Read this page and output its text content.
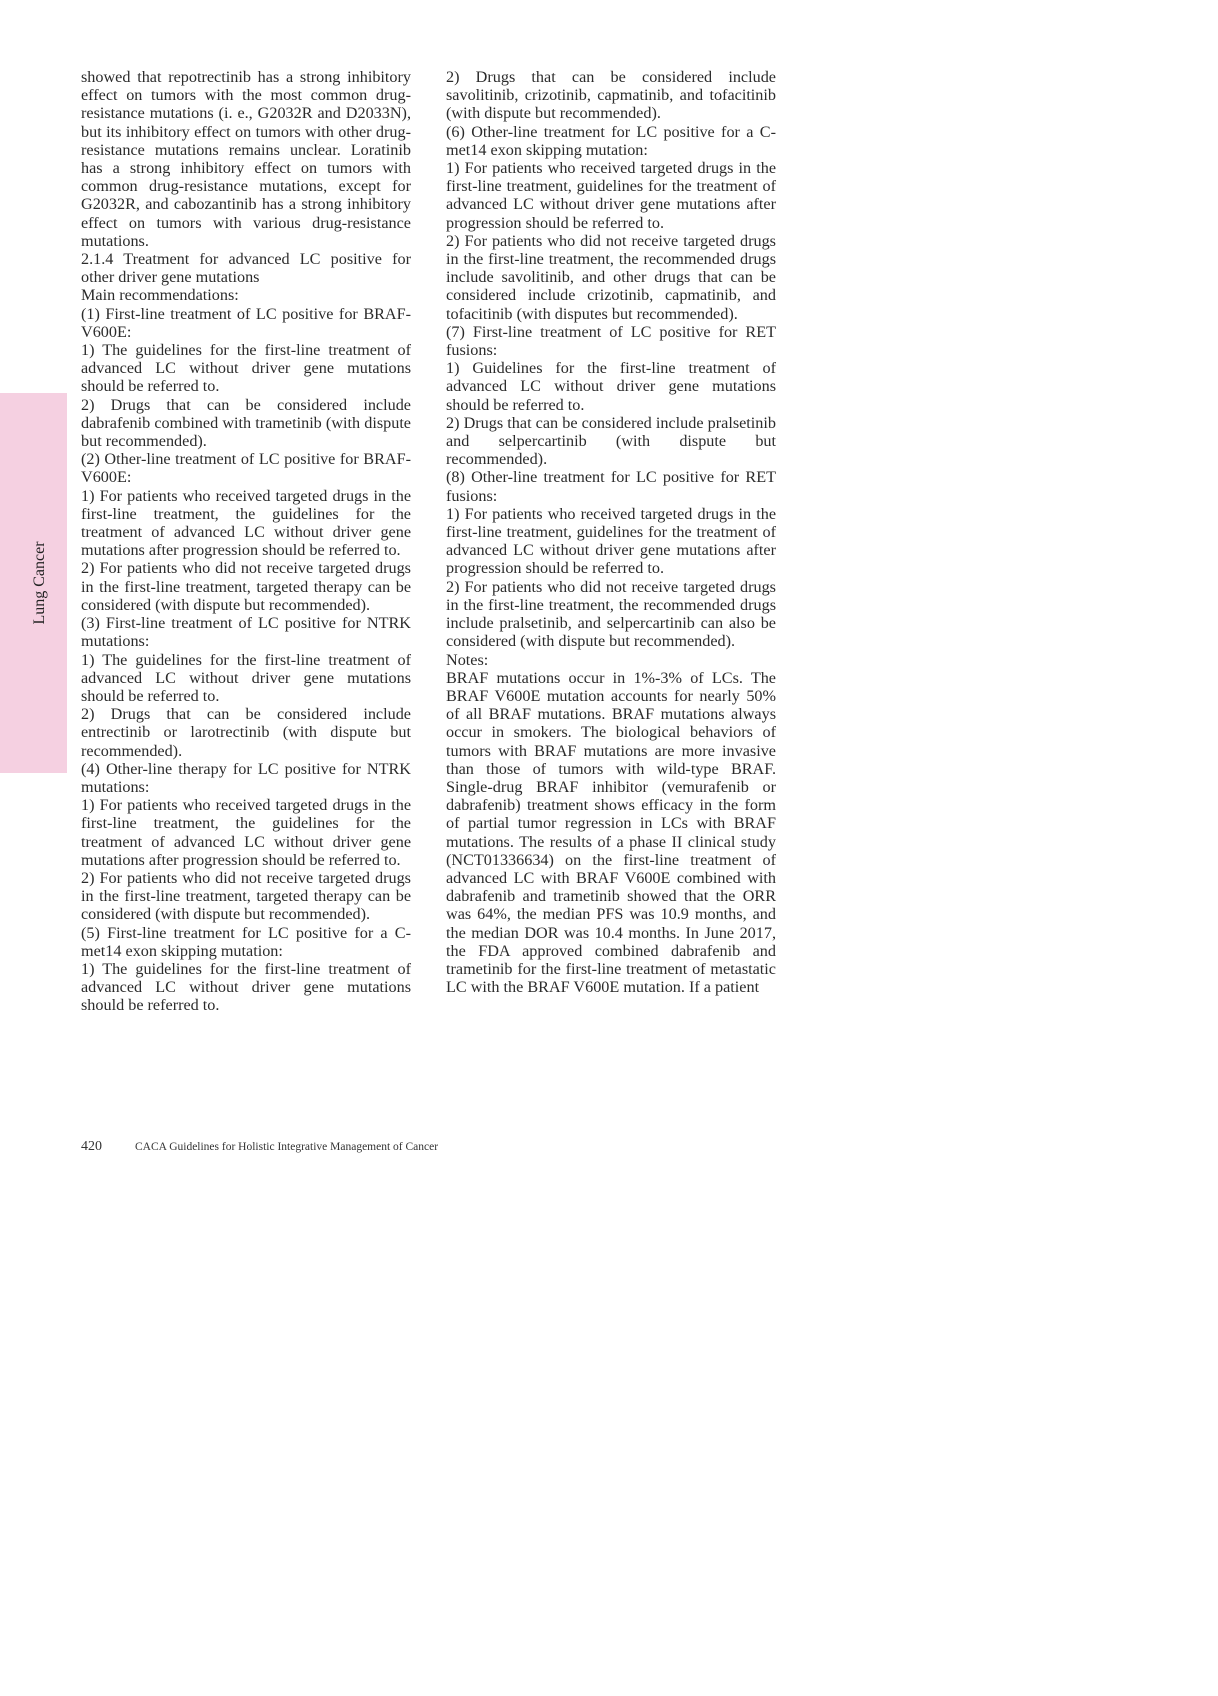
Lung Cancer

showed that repotrectinib has a strong inhibitory effect on tumors with the most common drug-resistance mutations (i. e., G2032R and D2033N), but its inhibitory effect on tumors with other drug-resistance mutations remains unclear. Loratinib has a strong inhibitory effect on tumors with common drug-resistance mutations, except for G2032R, and cabozantinib has a strong inhibitory effect on tumors with various drug-resistance mutations.

2.1.4 Treatment for advanced LC positive for other driver gene mutations

Main recommendations:

(1) First-line treatment of LC positive for BRAF-V600E:

1) The guidelines for the first-line treatment of advanced LC without driver gene mutations should be referred to.

2) Drugs that can be considered include dabrafenib combined with trametinib (with dispute but recommended).

(2) Other-line treatment of LC positive for BRAF-V600E:

1) For patients who received targeted drugs in the first-line treatment, the guidelines for the treatment of advanced LC without driver gene mutations after progression should be referred to.

2) For patients who did not receive targeted drugs in the first-line treatment, targeted therapy can be considered (with dispute but recommended).

(3) First-line treatment of LC positive for NTRK mutations:

1) The guidelines for the first-line treatment of advanced LC without driver gene mutations should be referred to.

2) Drugs that can be considered include entrectinib or larotrectinib (with dispute but recommended).

(4) Other-line therapy for LC positive for NTRK mutations:

1) For patients who received targeted drugs in the first-line treatment, the guidelines for the treatment of advanced LC without driver gene mutations after progression should be referred to.

2) For patients who did not receive targeted drugs in the first-line treatment, targeted therapy can be considered (with dispute but recommended).

(5) First-line treatment for LC positive for a C-met14 exon skipping mutation:

1) The guidelines for the first-line treatment of advanced LC without driver gene mutations should be referred to.

2) Drugs that can be considered include savolitinib, crizotinib, capmatinib, and tofacitinib (with dispute but recommended).

(6) Other-line treatment for LC positive for a C-met14 exon skipping mutation:

1) For patients who received targeted drugs in the first-line treatment, guidelines for the treatment of advanced LC without driver gene mutations after progression should be referred to.

2) For patients who did not receive targeted drugs in the first-line treatment, the recommended drugs include savolitinib, and other drugs that can be considered include crizotinib, capmatinib, and tofacitinib (with disputes but recommended).

(7) First-line treatment of LC positive for RET fusions:

1) Guidelines for the first-line treatment of advanced LC without driver gene mutations should be referred to.

2) Drugs that can be considered include pralsetinib and selpercartinib (with dispute but recommended).

(8) Other-line treatment for LC positive for RET fusions:

1) For patients who received targeted drugs in the first-line treatment, guidelines for the treatment of advanced LC without driver gene mutations after progression should be referred to.

2) For patients who did not receive targeted drugs in the first-line treatment, the recommended drugs include pralsetinib, and selpercartinib can also be considered (with dispute but recommended).

Notes:

BRAF mutations occur in 1%-3% of LCs. The BRAF V600E mutation accounts for nearly 50% of all BRAF mutations. BRAF mutations always occur in smokers. The biological behaviors of tumors with BRAF mutations are more invasive than those of tumors with wild-type BRAF. Single-drug BRAF inhibitor (vemurafenib or dabrafenib) treatment shows efficacy in the form of partial tumor regression in LCs with BRAF mutations. The results of a phase II clinical study (NCT01336634) on the first-line treatment of advanced LC with BRAF V600E combined with dabrafenib and trametinib showed that the ORR was 64%, the median PFS was 10.9 months, and the median DOR was 10.4 months. In June 2017, the FDA approved combined dabrafenib and trametinib for the first-line treatment of metastatic LC with the BRAF V600E mutation. If a patient

420	CACA Guidelines for Holistic Integrative Management of Cancer
